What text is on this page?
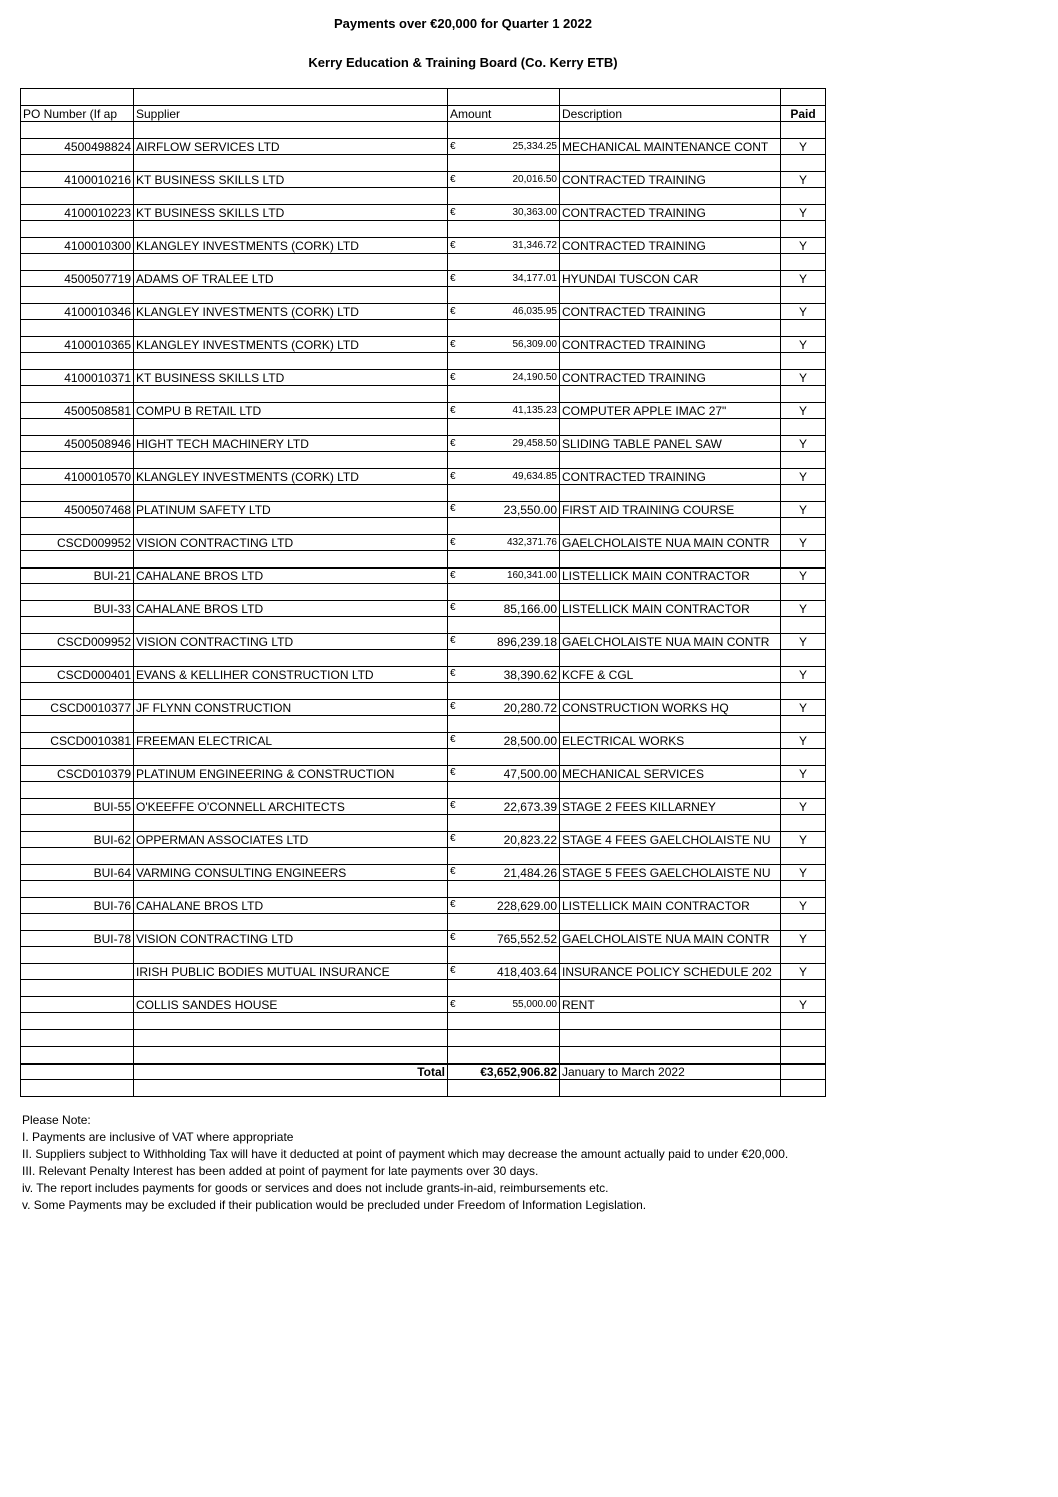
Payments over €20,000 for Quarter 1 2022
Kerry Education & Training Board (Co. Kerry ETB)

PO Number (If ap	Supplier	Amount	Description	Paid

4500498824	AIRFLOW SERVICES LTD	€ 25,334.25	MECHANICAL MAINTENANCE CONT	Y

4100010216	KT BUSINESS SKILLS LTD	€ 20,016.50	CONTRACTED TRAINING	Y

4100010223	KT BUSINESS SKILLS LTD	€ 30,363.00	CONTRACTED TRAINING	Y

4100010300	KLANGLEY INVESTMENTS (CORK) LTD	€ 31,346.72	CONTRACTED TRAINING	Y

4500507719	ADAMS OF TRALEE LTD	€ 34,177.01	HYUNDAI TUSCON CAR	Y

4100010346	KLANGLEY INVESTMENTS (CORK) LTD	€ 46,035.95	CONTRACTED TRAINING	Y

4100010365	KLANGLEY INVESTMENTS (CORK) LTD	€ 56,309.00	CONTRACTED TRAINING	Y

4100010371	KT BUSINESS SKILLS LTD	€ 24,190.50	CONTRACTED TRAINING	Y

4500508581	COMPU B RETAIL LTD	€ 41,135.23	COMPUTER APPLE IMAC 27"	Y

4500508946	HIGHT TECH MACHINERY LTD	€ 29,458.50	SLIDING TABLE PANEL SAW	Y

4100010570	KLANGLEY INVESTMENTS (CORK) LTD	€ 49,634.85	CONTRACTED TRAINING	Y

4500507468	PLATINUM SAFETY LTD	€ 23,550.00	FIRST AID TRAINING COURSE	Y

CSCD009952	VISION CONTRACTING LTD	€ 432,371.76	GAELCHOLAISTE NUA MAIN CONTR	Y

BUI-21	CAHALANE BROS LTD	€ 160,341.00	LISTELLICK MAIN CONTRACTOR	Y

BUI-33	CAHALANE BROS LTD	€ 85,166.00	LISTELLICK MAIN CONTRACTOR	Y

CSCD009952	VISION CONTRACTING LTD	€ 896,239.18	GAELCHOLAISTE NUA MAIN CONTR	Y

CSCD000401	EVANS & KELLIHER CONSTRUCTION LTD	€ 38,390.62	KCFE & CGL	Y

CSCD0010377	JF FLYNN CONSTRUCTION	€ 20,280.72	CONSTRUCTION WORKS HQ	Y

CSCD0010381	FREEMAN ELECTRICAL	€ 28,500.00	ELECTRICAL WORKS	Y

CSCD010379	PLATINUM ENGINEERING & CONSTRUCTION	€ 47,500.00	MECHANICAL SERVICES	Y

BUI-55	O'KEEFFE O'CONNELL ARCHITECTS	€ 22,673.39	STAGE 2 FEES KILLARNEY	Y

BUI-62	OPPERMAN ASSOCIATES LTD	€ 20,823.22	STAGE 4 FEES GAELCHOLAISTE NU	Y

BUI-64	VARMING CONSULTING ENGINEERS	€ 21,484.26	STAGE 5 FEES GAELCHOLAISTE NU	Y

BUI-76	CAHALANE BROS LTD	€ 228,629.00	LISTELLICK MAIN CONTRACTOR	Y

BUI-78	VISION CONTRACTING LTD	€ 765,552.52	GAELCHOLAISTE NUA MAIN CONTR	Y

	IRISH PUBLIC BODIES MUTUAL INSURANCE	€ 418,403.64	INSURANCE POLICY SCHEDULE 202	Y

	COLLIS SANDES HOUSE	€ 55,000.00	RENT	Y

	Total	€3,652,906.82	January to March 2022	

Please Note:
I. Payments are inclusive of VAT where appropriate
II. Suppliers subject to Withholding Tax will have it deducted at point of payment which may decrease the amount actually paid to under €20,000.
III. Relevant Penalty Interest has been added at point of payment for late payments over 30 days.
iv. The report includes payments for goods or services and does not include grants-in-aid, reimbursements etc.
v. Some Payments may be excluded if their publication would be precluded under Freedom of Information Legislation.
